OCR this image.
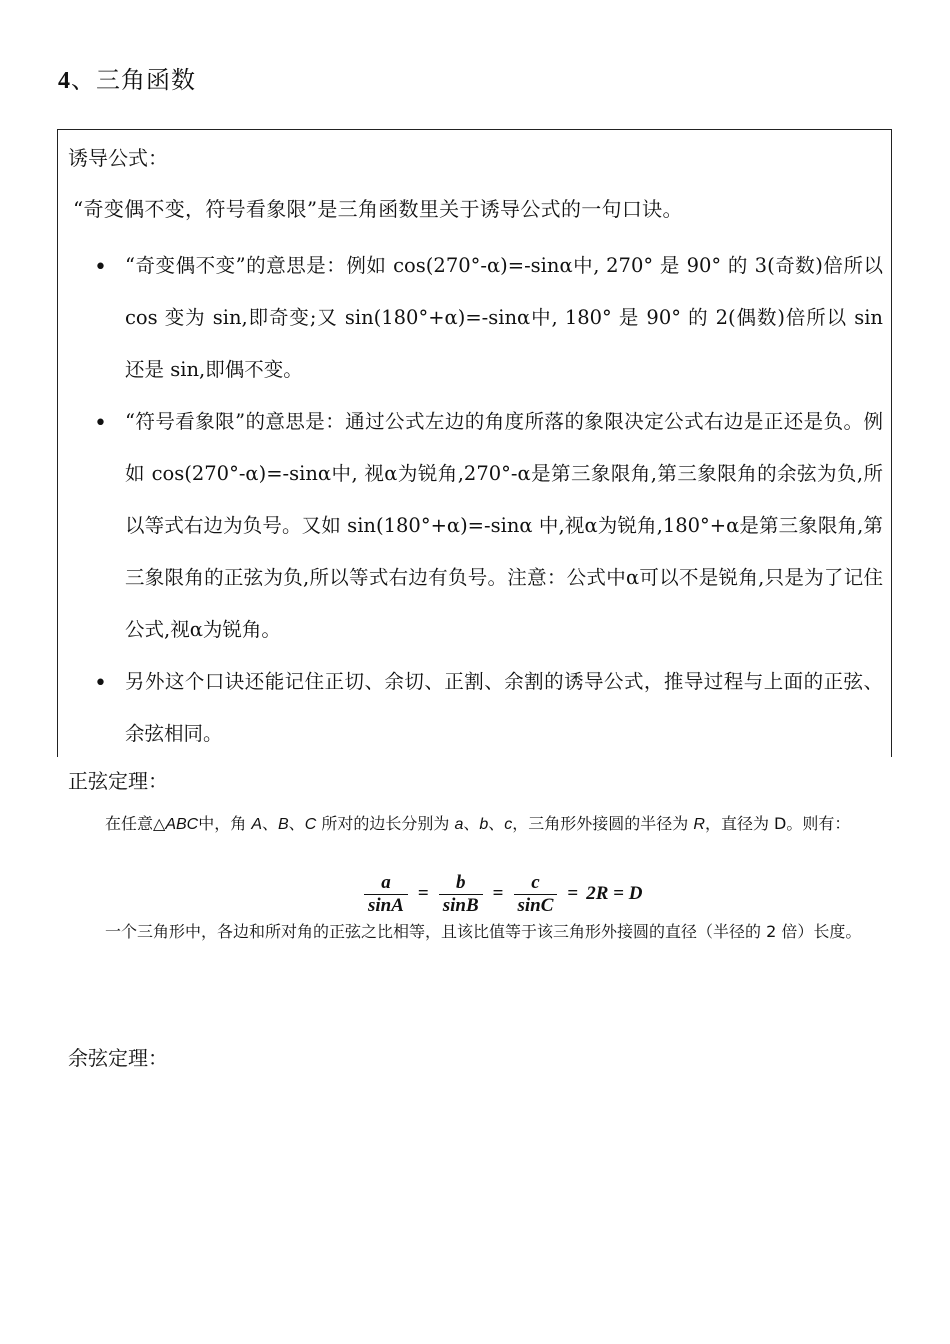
4、三角函数
诱导公式：
“奇变偶不变，符号看象限”是三角函数里关于诱导公式的一句口诀。
• “奇变偶不变”的意思是：例如 cos(270°-α)=-sinα中, 270° 是 90° 的 3(奇数)倍所以 cos 变为 sin,即奇变;又 sin(180°+α)=-sinα中, 180° 是 90° 的 2(偶数)倍所以 sin 还是 sin,即偶不变。
• “符号看象限”的意思是：通过公式左边的角度所落的象限决定公式右边是正还是负。例如 cos(270°-α)=-sinα中, 视α为锐角,270°-α是第三象限角,第三象限角的余弦为负,所以等式右边为负号。又如 sin(180°+α)=-sinα 中,视α为锐角,180°+α是第三象限角,第三象限角的正弦为负,所以等式右边有负号。注意：公式中α可以不是锐角,只是为了记住公式,视α为锐角。
• 另外这个口诀还能记住正切、余切、正割、余割的诱导公式，推导过程与上面的正弦、余弦相同。
正弦定理：
在任意△ABC中，角 A、B、C 所对的边长分别为 a、b、c，三角形外接圆的半径为 R，直径为 D。则有：
$\frac{a}{\sin A} = \frac{b}{\sin B} = \frac{c}{\sin C} = 2R = D$
一个三角形中，各边和所对角的正弦之比相等，且该比值等于该三角形外接圆的直径（半径的 2 倍）长度。
余弦定理：
